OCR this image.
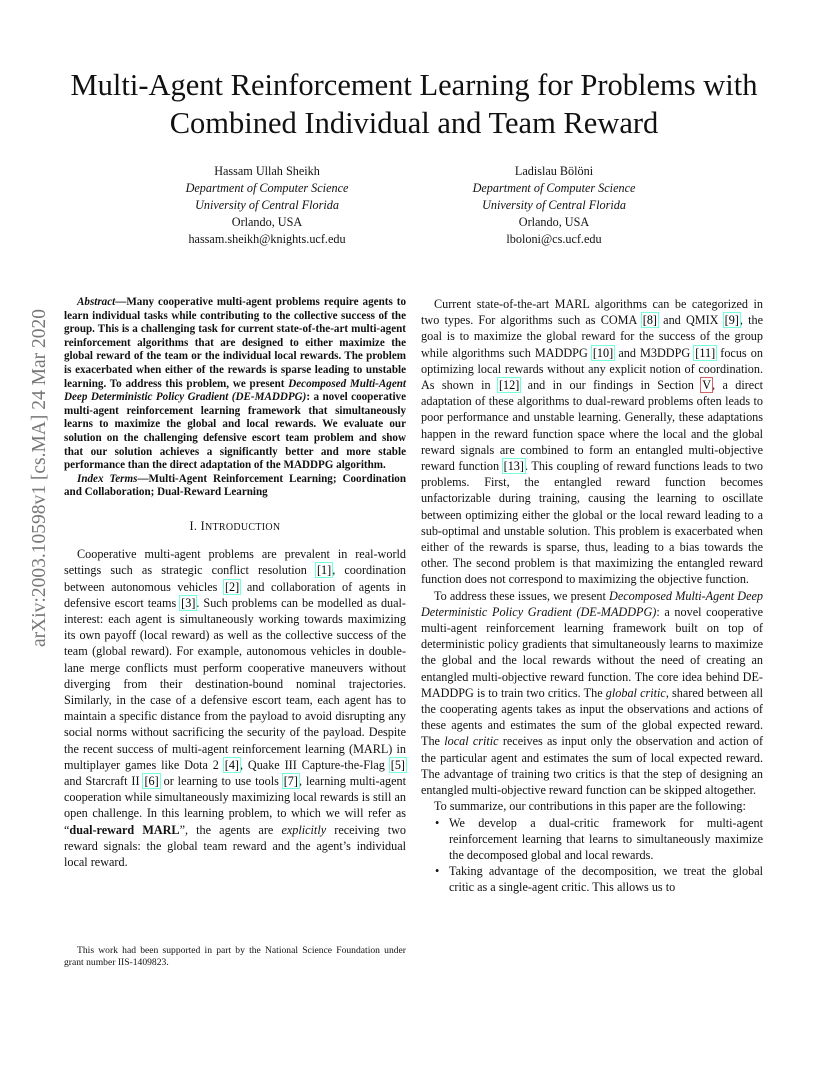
Multi-Agent Reinforcement Learning for Problems with Combined Individual and Team Reward
Hassam Ullah Sheikh
Department of Computer Science
University of Central Florida
Orlando, USA
hassam.sheikh@knights.ucf.edu
Ladislau Bölöni
Department of Computer Science
University of Central Florida
Orlando, USA
lboloni@cs.ucf.edu
arXiv:2003.10598v1 [cs.MA] 24 Mar 2020

Abstract—Many cooperative multi-agent problems require agents to learn individual tasks while contributing to the collective success of the group. This is a challenging task for current state-of-the-art multi-agent reinforcement algorithms that are designed to either maximize the global reward of the team or the individual local rewards. The problem is exacerbated when either of the rewards is sparse leading to unstable learning. To address this problem, we present Decomposed Multi-Agent Deep Deterministic Policy Gradient (DE-MADDPG): a novel cooperative multi-agent reinforcement learning framework that simultaneously learns to maximize the global and local rewards. We evaluate our solution on the challenging defensive escort team problem and show that our solution achieves a significantly better and more stable performance than the direct adaptation of the MADDPG algorithm.

Index Terms—Multi-Agent Reinforcement Learning; Coordination and Collaboration; Dual-Reward Learning

I. INTRODUCTION

Cooperative multi-agent problems are prevalent in real-world settings such as strategic conflict resolution [1], coordination between autonomous vehicles [2] and collaboration of agents in defensive escort teams [3]. Such problems can be modelled as dual-interest: each agent is simultaneously working towards maximizing its own payoff (local reward) as well as the collective success of the team (global reward). For example, autonomous vehicles in double-lane merge conflicts must perform cooperative maneuvers without diverging from their destination-bound nominal trajectories. Similarly, in the case of a defensive escort team, each agent has to maintain a specific distance from the payload to avoid disrupting any social norms without sacrificing the security of the payload. Despite the recent success of multi-agent reinforcement learning (MARL) in multiplayer games like Dota 2 [4], Quake III Capture-the-Flag [5] and Starcraft II [6] or learning to use tools [7], learning multi-agent cooperation while simultaneously maximizing local rewards is still an open challenge. In this learning problem, to which we will refer as “dual-reward MARL”, the agents are explicitly receiving two reward signals: the global team reward and the agent’s individual local reward.

This work had been supported in part by the National Science Foundation under grant number IIS-1409823.

Current state-of-the-art MARL algorithms can be categorized in two types. For algorithms such as COMA [8] and QMIX [9], the goal is to maximize the global reward for the success of the group while algorithms such MADDPG [10] and M3DDPG [11] focus on optimizing local rewards without any explicit notion of coordination. As shown in [12] and in our findings in Section V, a direct adaptation of these algorithms to dual-reward problems often leads to poor performance and unstable learning. Generally, these adaptations happen in the reward function space where the local and the global reward signals are combined to form an entangled multi-objective reward function [13]. This coupling of reward functions leads to two problems. First, the entangled reward function becomes unfactorizable during training, causing the learning to oscillate between optimizing either the global or the local reward leading to a sub-optimal and unstable solution. This problem is exacerbated when either of the rewards is sparse, thus, leading to a bias towards the other. The second problem is that maximizing the entangled reward function does not correspond to maximizing the objective function.

To address these issues, we present Decomposed Multi-Agent Deep Deterministic Policy Gradient (DE-MADDPG): a novel cooperative multi-agent reinforcement learning framework built on top of deterministic policy gradients that simultaneously learns to maximize the global and the local rewards without the need of creating an entangled multi-objective reward function. The core idea behind DE-MADDPG is to train two critics. The global critic, shared between all the cooperating agents takes as input the observations and actions of these agents and estimates the sum of the global expected reward. The local critic receives as input only the observation and action of the particular agent and estimates the sum of local expected reward. The advantage of training two critics is that the step of designing an entangled multi-objective reward function can be skipped altogether.

To summarize, our contributions in this paper are the following:

• We develop a dual-critic framework for multi-agent reinforcement learning that learns to simultaneously maximize the decomposed global and local rewards.
• Taking advantage of the decomposition, we treat the global critic as a single-agent critic. This allows us to
